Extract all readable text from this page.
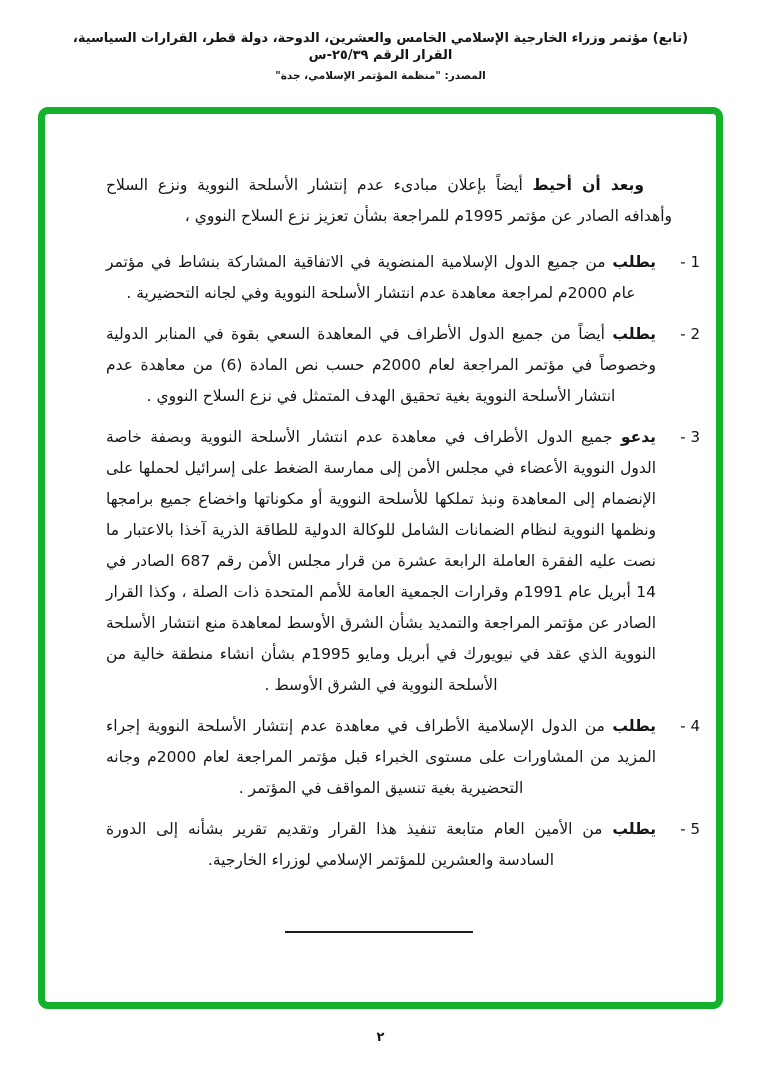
(تابع) مؤتمر وزراء الخارجية الإسلامي الخامس والعشرين، الدوحة، دولة قطر، القرارات السياسية، القرار الرقم ٢٥/٣٩-س
المصدر: "منظمة المؤتمر الإسلامي، جدة"

وبعد أن أحيط أيضاً بإعلان مبادىء عدم إنتشار الأسلحة النووية ونزع السلاح وأهدافه الصادر عن مؤتمر 1995م للمراجعة بشأن تعزيز نزع السلاح النووي ،

1 -

يطلب من جميع الدول الإسلامية المنضوية في الاتفاقية المشاركة بنشاط في مؤتمر عام 2000م لمراجعة معاهدة عدم انتشار الأسلحة النووية وفي لجانه التحضيرية .

2 -

يطلب أيضاً من جميع الدول الأطراف في المعاهدة السعي بقوة في المنابر الدولية وخصوصاً في مؤتمر المراجعة لعام 2000م حسب نص المادة (6) من معاهدة عدم انتشار الأسلحة النووية بغية تحقيق الهدف المتمثل في نزع السلاح النووي .

3 -

يدعو جميع الدول الأطراف في معاهدة عدم انتشار الأسلحة النووية وبصفة خاصة الدول النووية الأعضاء في مجلس الأمن إلى ممارسة الضغط على إسرائيل لحملها على الإنضمام إلى المعاهدة ونبذ تملكها للأسلحة النووية أو مكوناتها واخضاع جميع برامجها ونظمها النووية لنظام الضمانات الشامل للوكالة الدولية للطاقة الذرية آخذا بالاعتبار ما نصت عليه الفقرة العاملة الرابعة عشرة من قرار مجلس الأمن رقم 687 الصادر في 14 أبريل عام 1991م وقرارات الجمعية العامة للأمم المتحدة ذات الصلة ، وكذا القرار الصادر عن مؤتمر المراجعة والتمديد بشأن الشرق الأوسط لمعاهدة منع انتشار الأسلحة النووية الذي عقد في نيويورك في أبريل ومايو 1995م بشأن انشاء منطقة خالية من الأسلحة النووية في الشرق الأوسط .

4 -

يطلب من الدول الإسلامية الأطراف في معاهدة عدم إنتشار الأسلحة النووية إجراء المزيد من المشاورات على مستوى الخبراء قبل مؤتمر المراجعة لعام 2000م وجانه التحضيرية بغية تنسيق المواقف في المؤتمر .

5 -

يطلب من الأمين العام متابعة تنفيذ هذا القرار وتقديم تقرير بشأنه إلى الدورة السادسة والعشرين للمؤتمر الإسلامي لوزراء الخارجية.

٢
